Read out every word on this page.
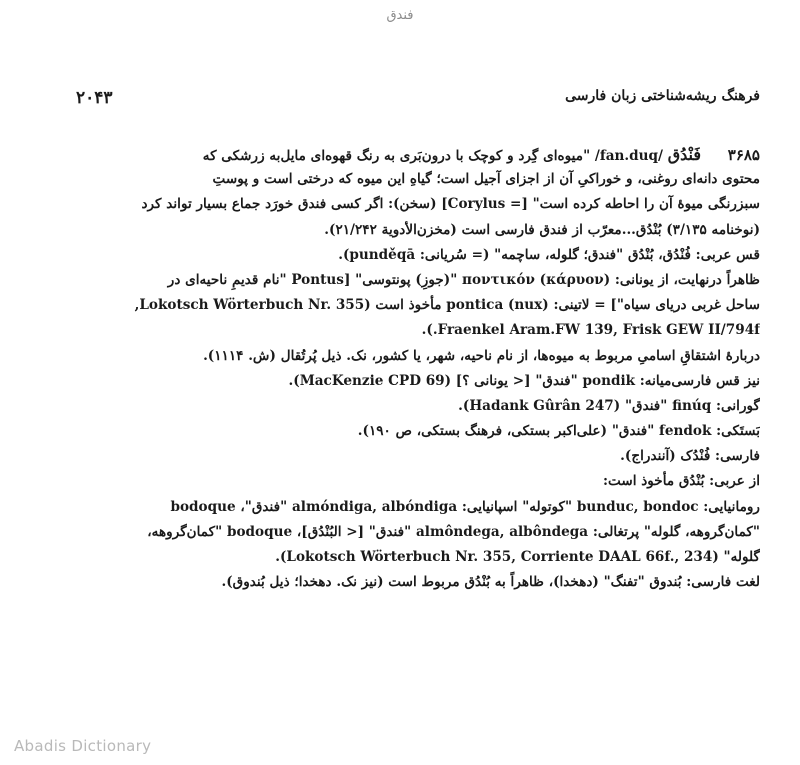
فندق
فرهنگ ریشه‌شناختی زبان فارسی
۲۰۴۳
۳۶۸۵ فَنْدُق /fan.duq/ "میوه‌ای گِرد و کوچک با درون‌بَری به رنگ قهوه‌ای مایل‌به زرشکی که
محتوی دانه‌ای روغنی، و خوراکیِ آن از اجزای آجیل است؛ گیاهِ این میوه که درختی است و پوستِ
سبزرنگی میوهٔ آن را احاطه کرده است" [= Corylus] (سخن): اگر کسی فندق خورَد جماع بسیار تواند کرد
(نوخنامه ۳/۱۳۵) بُنْدُق...معرّب از فندق فارسی است (مخزن‌الأدویة ۲۱/۲۴۲).
قس عربی: فُنْدُق، بُنْدُق "فندق؛ گلوله، ساچمه" (= سُریانی: punděqā).
ظاهراً درنهایت، از یونانی: ποντικόν (κάρυον) "(جوزِ) پونتوسی" [Pontus "نام قدیمِ ناحیه‌ای در
ساحل غربی دریای سیاه"] = لاتینی: pontica (nux) مأخوذ است (Lokotsch Wörterbuch Nr. 355,
Fraenkel Aram.FW 139, Frisk GEW II/794f.).
دربارهٔ اشتقاقِ اسامیِ مربوط به میوه‌ها، از نام ناحیه، شهر، یا کشور، نک. ذیل پُرتُقال (ش. ۱۱۱۴).
نیز قس فارسی‌میانه: pondik "فندق" [< یونانی ؟] (MacKenzie CPD 69).
گورانی: finúq "فندق" (Hadank Gûrân 247).
بَستَکی: fendok "فندق" (علی‌اکبر بستکی، فرهنگ بستکی، ص ۱۹۰).
فارسی: فُنْدُک (آنندراج).
از عربی: بُنْدُق مأخوذ است:
رومانیایی: bunduc, bondoc "کوتوله" اسپانیایی: almóndiga, albóndiga "فندق"، bodoque
"کمان‌گروهه، گلوله" پرتغالی: almôndega, albôndega "فندق" [< البُنْدُق]، bodoque "کمان‌گروهه،
گلوله" (Lokotsch Wörterbuch Nr. 355, Corriente DAAL 66f., 234).
لغت فارسی: بُندوق "تفنگ" (دهخدا)، ظاهراً به بُنْدُق مربوط است (نیز نک. دهخدا؛ ذیل بُندوق).
Abadis Dictionary
